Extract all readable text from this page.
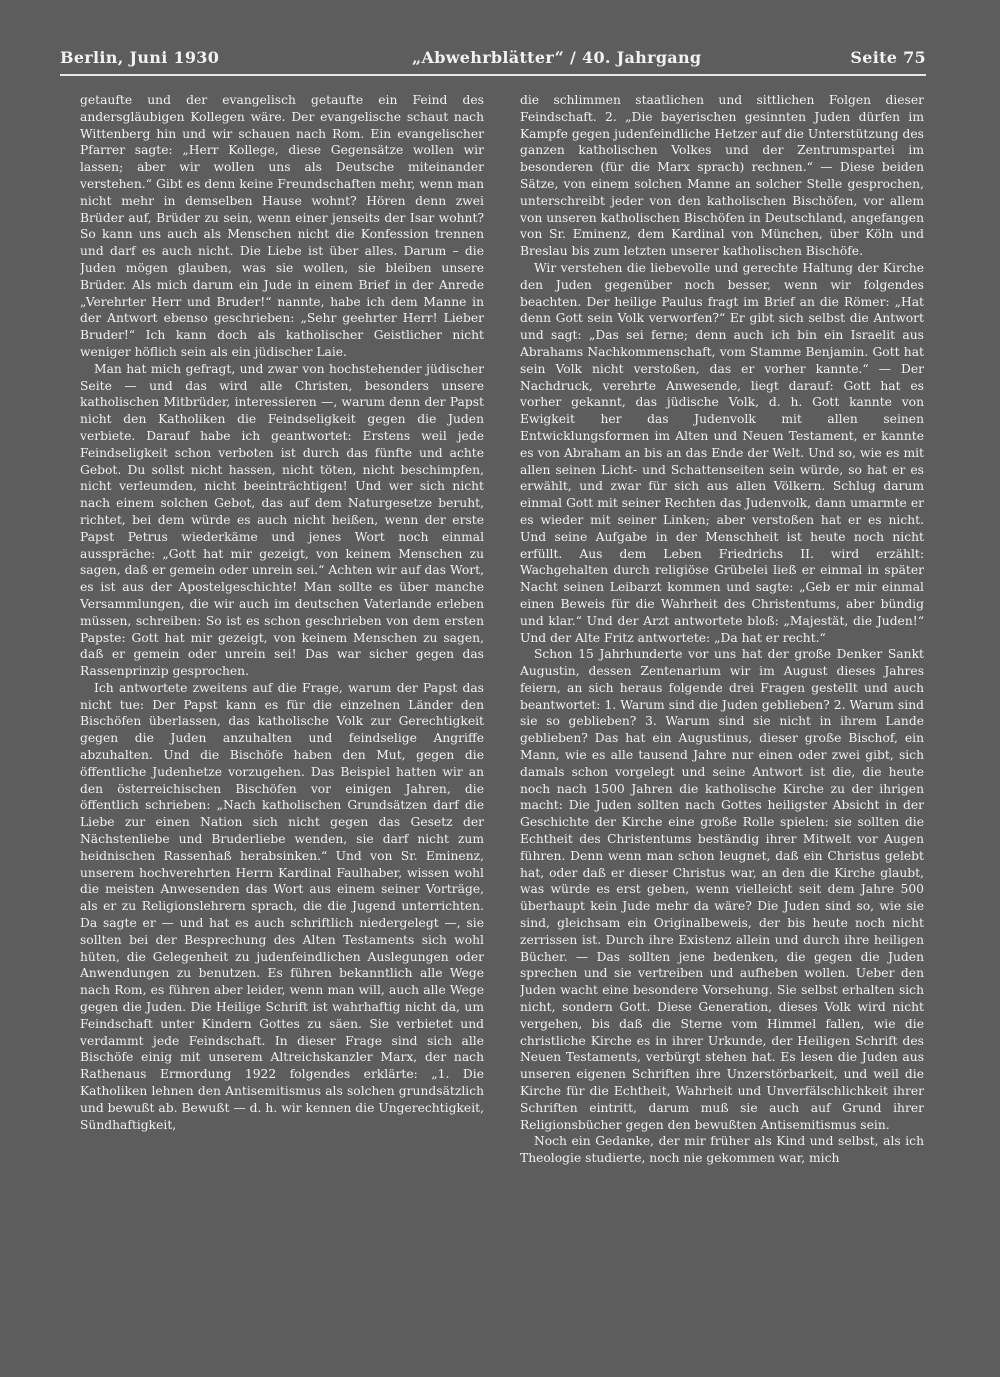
Berlin, Juni 1930	„Abwehrblätter“ / 40. Jahrgang	Seite 75

getaufte und der evangelisch getaufte ein Feind des andersgläubigen Kollegen wäre. Der evangelische schaut nach Wittenberg hin und wir schauen nach Rom. Ein evangelischer Pfarrer sagte: „Herr Kollege, diese Gegensätze wollen wir lassen; aber wir wollen uns als Deutsche miteinander verstehen.“ Gibt es denn keine Freundschaften mehr, wenn man nicht mehr in demselben Hause wohnt? Hören denn zwei Brüder auf, Brüder zu sein, wenn einer jenseits der Isar wohnt? So kann uns auch als Menschen nicht die Konfession trennen und darf es auch nicht. Die Liebe ist über alles. Darum – die Juden mögen glauben, was sie wollen, sie bleiben unsere Brüder. Als mich darum ein Jude in einem Brief in der Anrede „Verehrter Herr und Bruder!“ nannte, habe ich dem Manne in der Antwort ebenso geschrieben: „Sehr geehrter Herr! Lieber Bruder!“ Ich kann doch als katholischer Geistlicher nicht weniger höflich sein als ein jüdischer Laie.

Man hat mich gefragt, und zwar von hochstehender jüdischer Seite — und das wird alle Christen, besonders unsere katholischen Mitbrüder, interessieren —, warum denn der Papst nicht den Katholiken die Feindseligkeit gegen die Juden verbiete. Darauf habe ich geantwortet: Erstens weil jede Feindseligkeit schon verboten ist durch das fünfte und achte Gebot. Du sollst nicht hassen, nicht töten, nicht beschimpfen, nicht verleumden, nicht beeinträchtigen! Und wer sich nicht nach einem solchen Gebot, das auf dem Naturgesetze beruht, richtet, bei dem würde es auch nicht heißen, wenn der erste Papst Petrus wiederkäme und jenes Wort noch einmal ausspräche: „Gott hat mir gezeigt, von keinem Menschen zu sagen, daß er gemein oder unrein sei.“ Achten wir auf das Wort, es ist aus der Apostelgeschichte! Man sollte es über manche Versammlungen, die wir auch im deutschen Vaterlande erleben müssen, schreiben: So ist es schon geschrieben von dem ersten Papste: Gott hat mir gezeigt, von keinem Menschen zu sagen, daß er gemein oder unrein sei! Das war sicher gegen das Rassenprinzip gesprochen.

Ich antwortete zweitens auf die Frage, warum der Papst das nicht tue: Der Papst kann es für die einzelnen Länder den Bischöfen überlassen, das katholische Volk zur Gerechtigkeit gegen die Juden anzuhalten und feindselige Angriffe abzuhalten. Und die Bischöfe haben den Mut, gegen die öffentliche Judenhetze vorzugehen. Das Beispiel hatten wir an den österreichischen Bischöfen vor einigen Jahren, die öffentlich schrieben: „Nach katholischen Grundsätzen darf die Liebe zur einen Nation sich nicht gegen das Gesetz der Nächstenliebe und Bruderliebe wenden, sie darf nicht zum heidnischen Rassenhaß herabsinken.“ Und von Sr. Eminenz, unserem hochverehrten Herrn Kardinal Faulhaber, wissen wohl die meisten Anwesenden das Wort aus einem seiner Vorträge, als er zu Religionslehrern sprach, die die Jugend unterrichten. Da sagte er — und hat es auch schriftlich niedergelegt —, sie sollten bei der Besprechung des Alten Testaments sich wohl hüten, die Gelegenheit zu judenfeindlichen Auslegungen oder Anwendungen zu benutzen. Es führen bekanntlich alle Wege nach Rom, es führen aber leider, wenn man will, auch alle Wege gegen die Juden. Die Heilige Schrift ist wahrhaftig nicht da, um Feindschaft unter Kindern Gottes zu säen. Sie verbietet und verdammt jede Feindschaft. In dieser Frage sind sich alle Bischöfe einig mit unserem Altreichskanzler Marx, der nach Rathenaus Ermordung 1922 folgendes erklärte: „1. Die Katholiken lehnen den Antisemitismus als solchen grundsätzlich und bewußt ab. Bewußt — d. h. wir kennen die Ungerechtigkeit, Sündhaftigkeit,

die schlimmen staatlichen und sittlichen Folgen dieser Feindschaft. 2. „Die bayerischen gesinnten Juden dürfen im Kampfe gegen judenfeindliche Hetzer auf die Unterstützung des ganzen katholischen Volkes und der Zentrumspartei im besonderen (für die Marx sprach) rechnen.“ — Diese beiden Sätze, von einem solchen Manne an solcher Stelle gesprochen, unterschreibt jeder von den katholischen Bischöfen, vor allem von unseren katholischen Bischöfen in Deutschland, angefangen von Sr. Eminenz, dem Kardinal von München, über Köln und Breslau bis zum letzten unserer katholischen Bischöfe.

Wir verstehen die liebevolle und gerechte Haltung der Kirche den Juden gegenüber noch besser, wenn wir folgendes beachten. Der heilige Paulus fragt im Brief an die Römer: „Hat denn Gott sein Volk verworfen?“ Er gibt sich selbst die Antwort und sagt: „Das sei ferne; denn auch ich bin ein Israelit aus Abrahams Nachkommenschaft, vom Stamme Benjamin. Gott hat sein Volk nicht verstoßen, das er vorher kannte.“ — Der Nachdruck, verehrte Anwesende, liegt darauf: Gott hat es vorher gekannt, das jüdische Volk, d. h. Gott kannte von Ewigkeit her das Judenvolk mit allen seinen Entwicklungsformen im Alten und Neuen Testament, er kannte es von Abraham an bis an das Ende der Welt. Und so, wie es mit allen seinen Licht- und Schattenseiten sein würde, so hat er es erwählt, und zwar für sich aus allen Völkern. Schlug darum einmal Gott mit seiner Rechten das Judenvolk, dann umarmte er es wieder mit seiner Linken; aber verstoßen hat er es nicht. Und seine Aufgabe in der Menschheit ist heute noch nicht erfüllt. Aus dem Leben Friedrichs II. wird erzählt: Wachgehalten durch religiöse Grübelei ließ er einmal in später Nacht seinen Leibarzt kommen und sagte: „Geb er mir einmal einen Beweis für die Wahrheit des Christentums, aber bündig und klar.“ Und der Arzt antwortete bloß: „Majestät, die Juden!“ Und der Alte Fritz antwortete: „Da hat er recht.“

Schon 15 Jahrhunderte vor uns hat der große Denker Sankt Augustin, dessen Zentenarium wir im August dieses Jahres feiern, an sich heraus folgende drei Fragen gestellt und auch beantwortet: 1. Warum sind die Juden geblieben? 2. Warum sind sie so geblieben? 3. Warum sind sie nicht in ihrem Lande geblieben? Das hat ein Augustinus, dieser große Bischof, ein Mann, wie es alle tausend Jahre nur einen oder zwei gibt, sich damals schon vorgelegt und seine Antwort ist die, die heute noch nach 1500 Jahren die katholische Kirche zu der ihrigen macht: Die Juden sollten nach Gottes heiligster Absicht in der Geschichte der Kirche eine große Rolle spielen: sie sollten die Echtheit des Christentums beständig ihrer Mitwelt vor Augen führen. Denn wenn man schon leugnet, daß ein Christus gelebt hat, oder daß er dieser Christus war, an den die Kirche glaubt, was würde es erst geben, wenn vielleicht seit dem Jahre 500 überhaupt kein Jude mehr da wäre? Die Juden sind so, wie sie sind, gleichsam ein Originalbeweis, der bis heute noch nicht zerrissen ist. Durch ihre Existenz allein und durch ihre heiligen Bücher. — Das sollten jene bedenken, die gegen die Juden sprechen und sie vertreiben und aufheben wollen. Ueber den Juden wacht eine besondere Vorsehung. Sie selbst erhalten sich nicht, sondern Gott. Diese Generation, dieses Volk wird nicht vergehen, bis daß die Sterne vom Himmel fallen, wie die christliche Kirche es in ihrer Urkunde, der Heiligen Schrift des Neuen Testaments, verbürgt stehen hat. Es lesen die Juden aus unseren eigenen Schriften ihre Unzerstörbarkeit, und weil die Kirche für die Echtheit, Wahrheit und Unverfälschlichkeit ihrer Schriften eintritt, darum muß sie auch auf Grund ihrer Religionsbücher gegen den bewußten Antisemitismus sein.

Noch ein Gedanke, der mir früher als Kind und selbst, als ich Theologie studierte, noch nie gekommen war, mich
